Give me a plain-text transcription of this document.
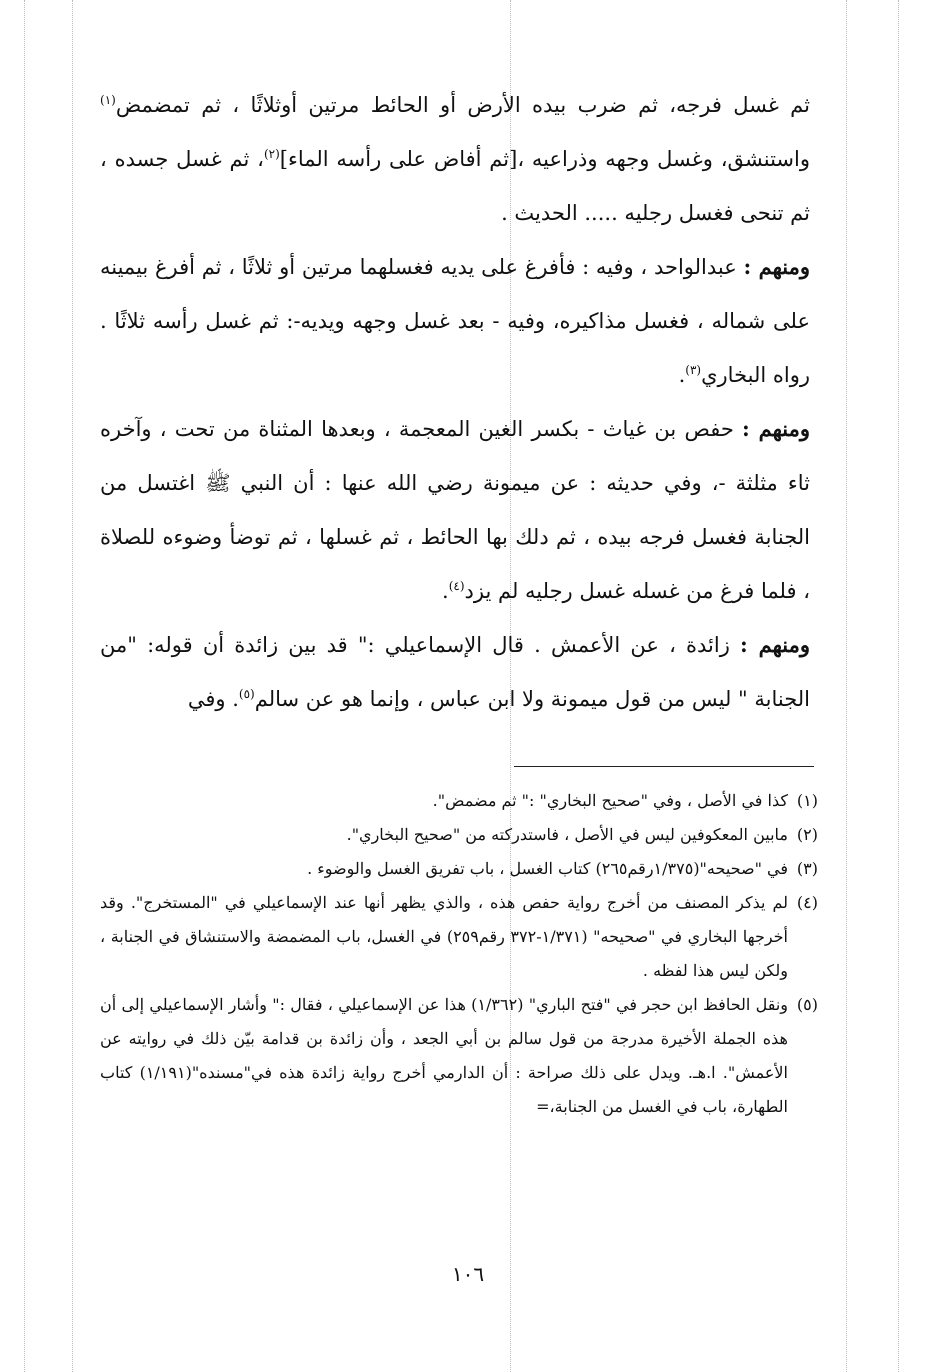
ثم غسل فرجه، ثم ضرب بيده الأرض أو الحائط مرتين أوثلاثًا ، ثم تمضمض$^{(١)}$ واستنشق، وغسل وجهه وذراعيه ،[ثم أفاض على رأسه الماء]$^{(٢)}$، ثم غسل جسده ، ثم تنحى فغسل رجليه ..... الحديث .

ومنهم : عبدالواحد ، وفيه : فأفرغ على يديه فغسلهما مرتين أو ثلاثًا ، ثم أفرغ بيمينه على شماله ، فغسل مذاكيره، وفيه - بعد غسل وجهه ويديه-: ثم غسل رأسه ثلاثًا . رواه البخاري$^{(٣)}$.

ومنهم : حفص بن غياث - بكسر الغين المعجمة ، وبعدها المثناة من تحت ، وآخره ثاء مثلثة -، وفي حديثه : عن ميمونة رضي الله عنها : أن النبي ﷺ اغتسل من الجنابة فغسل فرجه بيده ، ثم دلك بها الحائط ، ثم غسلها ، ثم توضأ وضوءه للصلاة ، فلما فرغ من غسله غسل رجليه لم يزد$^{(٤)}$.

ومنهم : زائدة ، عن الأعمش . قال الإسماعيلي :" قد بين زائدة أن قوله: "من الجنابة " ليس من قول ميمونة ولا ابن عباس ، وإنما هو عن سالم$^{(٥)}$. وفي

(١)
كذا في الأصل ، وفي "صحيح البخاري" :" ثم مضمض".

(٢)
مابين المعكوفين ليس في الأصل ، فاستدركته من "صحيح البخاري".

(٣)
في "صحيحه"(١/٣٧٥رقم٢٦٥) كتاب الغسل ، باب تفريق الغسل والوضوء .

(٤)
لم يذكر المصنف من أخرج رواية حفص هذه ، والذي يظهر أنها عند الإسماعيلي في "المستخرج". وقد أخرجها البخاري في "صحيحه" (١/٣٧١-٣٧٢ رقم٢٥٩) في الغسل، باب المضمضة والاستنشاق في الجنابة ، ولكن ليس هذا لفظه .

(٥)
ونقل الحافظ ابن حجر في "فتح الباري" (١/٣٦٢) هذا عن الإسماعيلي ، فقال :" وأشار الإسماعيلي إلى أن هذه الجملة الأخيرة مدرجة من قول سالم بن أبي الجعد ، وأن زائدة بن قدامة بيّن ذلك في روايته عن الأعمش". ا.هـ. ويدل على ذلك صراحة : أن الدارمي أخرج رواية زائدة هذه في"مسنده"(١/١٩١) كتاب الطهارة، باب في الغسل من الجنابة،=

١٠٦
